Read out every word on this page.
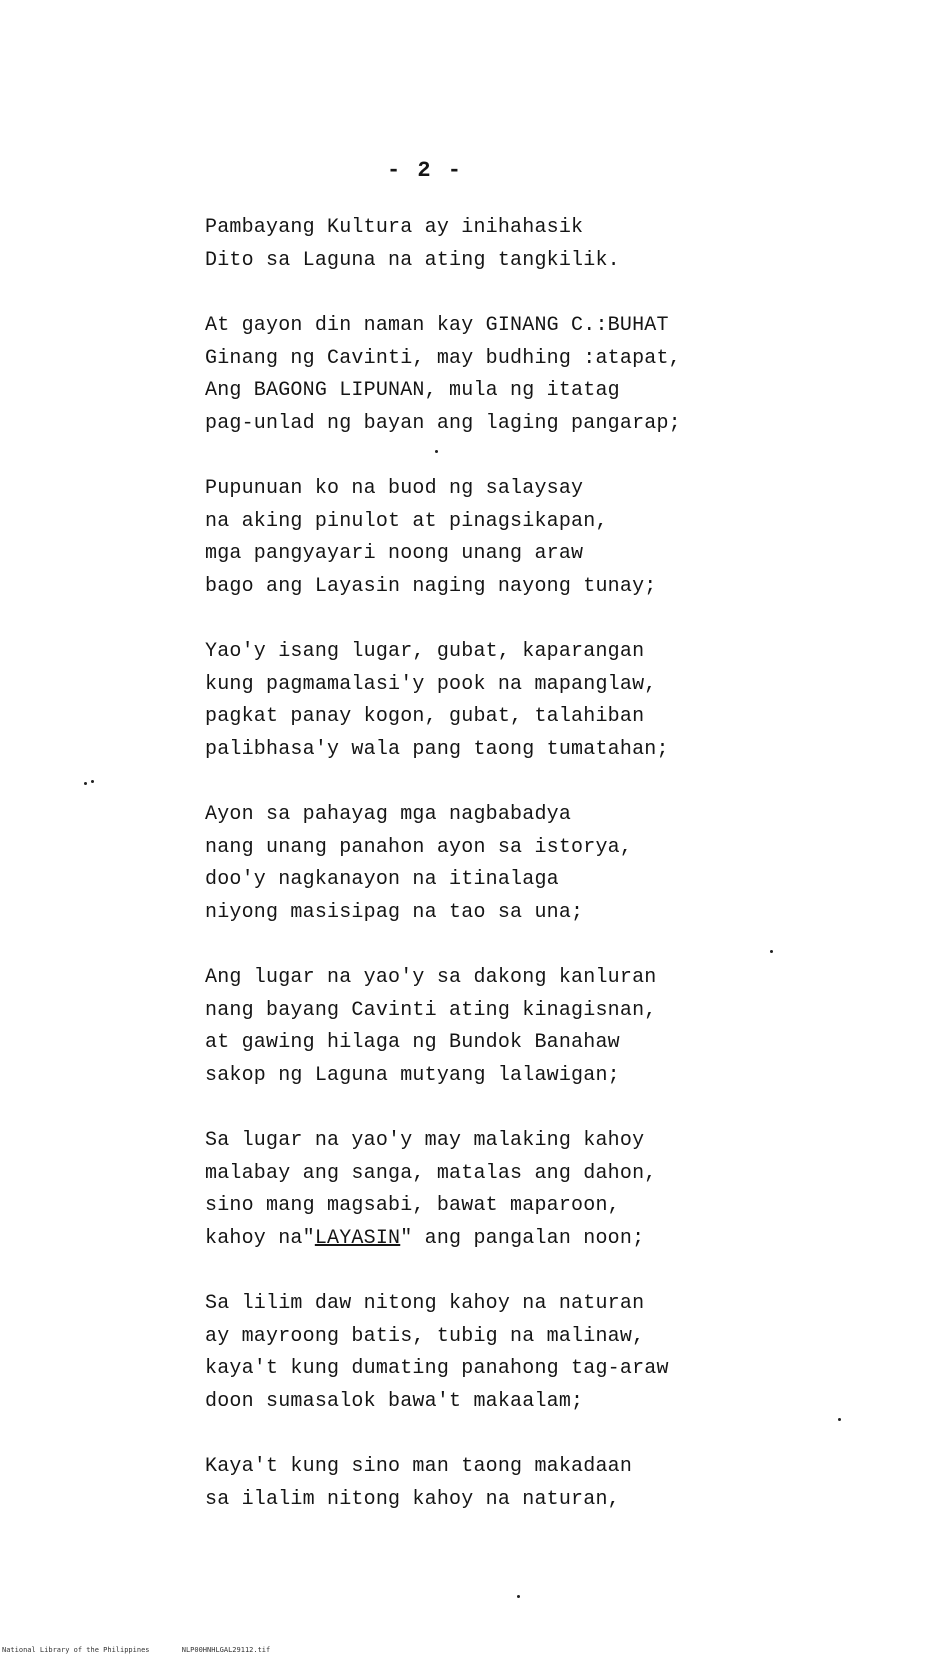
- 2 -
Pambayang Kultura ay inihahasik
Dito sa Laguna na ating tangkilik.
At gayon din naman kay GINANG C.:BUHAT
Ginang ng Cavinti, may budhing :atapat,
Ang BAGONG LIPUNAN, mula ng itatag
pag-unlad ng bayan ang laging pangarap;
Pupunuan ko na buod ng salaysay
na aking pinulot at pinagsikapan,
mga pangyayari noong unang araw
bago ang Layasin naging nayong tunay;
Yao'y isang lugar, gubat, kaparangan
kung pagmamalasi'y pook na mapanglaw,
pagkat panay kogon, gubat, talahiban
palibhasa'y wala pang taong tumatahan;
Ayon sa pahayag mga nagbabadya
nang unang panahon ayon sa istorya,
doo'y nagkanayon na itinalaga
niyong masisipag na tao sa una;
Ang lugar na yao'y sa dakong kanluran
nang bayang Cavinti ating kinagisnan,
at gawing hilaga ng Bundok Banahaw
sakop ng Laguna mutyang lalawigan;
Sa lugar na yao'y may malaking kahoy
malabay ang sanga, matalas ang dahon,
sino mang magsabi, bawat maparoon,
kahoy na"LAYASIN" ang pangalan noon;
Sa lilim daw nitong kahoy na naturan
ay mayroong batis, tubig na malinaw,
kaya't kung dumating panahong tag-araw
doon sumasalok bawa't makaalam;
Kaya't kung sino man taong makadaan
sa ilalim nitong kahoy na naturan,
National Library of the Philippines	NLP00HNHLGAL29112.tif
